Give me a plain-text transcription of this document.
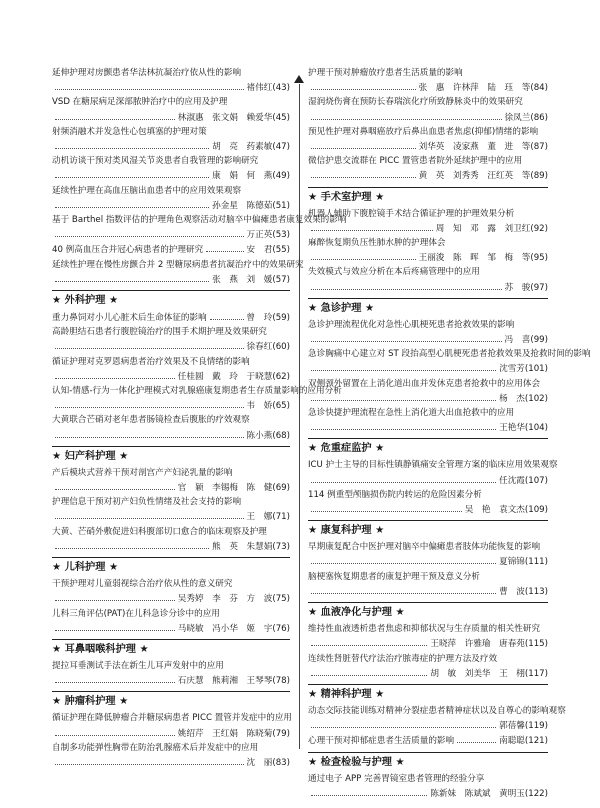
延伸护理对房颤患者华法林抗凝治疗依从性的影响
褚伟红 (43)
VSD 在糖尿病足深部脓肿治疗中的应用及护理
林淑惠　张文娟　赖爱华 (45)
射频消融术并发急性心包填塞的护理对策
胡　亮　药素敏 (47)
动机访谈干预对类风湿关节炎患者自我管理的影响研究
康　娟　何　燕 (49)
延续性护理在高血压脑出血患者中的应用效果观察
孙金星　陈德茹 (51)
基于 Barthel 指数评估的护理角色观察活动对脑卒中偏瘫患者康复效果的影响
万正英 (53)
40 例高血压合并冠心病患者的护理研究	安　君 (55)
延续性护理在慢性房颤合并 2 型糖尿病患者抗凝治疗中的效果研究
张　燕　刘　媛 (57)
★ 外科护理 ★
重力鼻饲对小儿心脏术后生命体征的影响	曾　玲 (59)
高龄胆结石患者行腹腔镜治疗的围手术期护理及效果研究
徐春红 (60)
循证护理对克罗恩病患者治疗效果及不良情绪的影响
任桂圆　戴　玲　于晓慧 (62)
认知-情感-行为一体化护理模式对乳腺癌康复期患者生存质量影响的应用分析
韦　娇 (65)
大黄联合芒硝对老年患者肠镜检查后腹胀的疗效观察
陈小燕 (68)
★ 妇产科护理 ★
产后模块式营养干预对剖宫产产妇泌乳量的影响
官　颖　李锡梅　陈　健 (69)
护理信息干预对初产妇负性情绪及社会支持的影响
王　娜 (71)
大黄、芒硝外敷促进妇科腹部切口愈合的临床观察及护理
熊　英　朱慧娟 (73)
★ 儿科护理 ★
干预护理对儿童弱视综合治疗依从性的意义研究
吴秀婷　李　芬　方　波 (75)
儿科三角评估(PAT)在儿科急诊分诊中的应用
马晓敏　冯小华　姬　宇 (76)
★ 耳鼻咽喉科护理 ★
提拉耳垂测试手法在新生儿耳声发射中的应用
石庆慧　熊莉湘　王琴琴 (78)
★ 肿瘤科护理 ★
循证护理在降低肿瘤合并糖尿病患者 PICC 置管并发症中的应用
姚绍芹　王红娟　陈晓菊 (79)
自制多功能弹性胸带在防治乳腺癌术后并发症中的应用
沈　丽 (83)
护理干预对肿瘤放疗患者生活质量的影响
张　惠　许林萍　陆　珏　等 (84)
湿润烧伤膏在预防长春瑞滨化疗所致静脉炎中的效果研究
徐凤兰 (86)
预见性护理对鼻咽癌放疗后鼻出血患者焦虑(抑郁)情绪的影响
刘华英　凌家燕　董　进　等 (87)
微信护患交流群在 PICC 置管患者院外延续护理中的应用
黄　英　刘秀秀　汪红英　等 (89)
★ 手术室护理 ★
机器人辅助下腹腔镜手术结合循证护理的护理效果分析
周　知　邓　露　刘卫红 (92)
麻醉恢复期负压性肺水肿的护理体会
王丽浚　陈　晖　邹　梅　等 (95)
失效模式与效应分析在本后疼痛管理中的应用
苏　骏 (97)
★ 急诊护理 ★
急诊护理流程优化对急性心肌梗死患者抢救效果的影响
冯　喜 (99)
急诊胸痛中心建立对 ST 段抬高型心肌梗死患者抢救效果及抢救时间的影响
沈雪芳 (101)
双侧颈外留置在上消化道出血并发休克患者抢救中的应用体会
杨　杰 (102)
急诊快捷护理流程在急性上消化道大出血抢救中的应用
王艳华 (104)
★ 危重症监护 ★
ICU 护士主导的目标性镇静镇痛安全管理方案的临床应用效果观察
任沈霞 (107)
114 例重型颅脑损伤院内转运的危险因素分析
吴　艳　袁文杰 (109)
★ 康复科护理 ★
早期康复配合中医护理对脑卒中偏瘫患者肢体功能恢复的影响
夏锦锦 (111)
脑梗塞恢复期患者的康复护理干预及意义分析
曹　波 (113)
★ 血液净化与护理 ★
维持性血液透析患者焦虑和抑郁状况与生存质量的相关性研究
王晓萍　许雅瑜　唐春苑 (115)
连续性肾脏替代疗法治疗脓毒症的护理方法及疗效
胡　敏　刘美华　王　栩 (117)
★ 精神科护理 ★
动态交际技能训练对精神分裂症患者精神症状以及自尊心的影响观察
郭蓓馨 (119)
心理干预对抑郁症患者生活质量的影响	南聪聪 (121)
★ 检查检验与护理 ★
通过电子 APP 完善胃镜室患者管理的经验分享
陈新妹　陈斌斌　黄明玉 (122)
